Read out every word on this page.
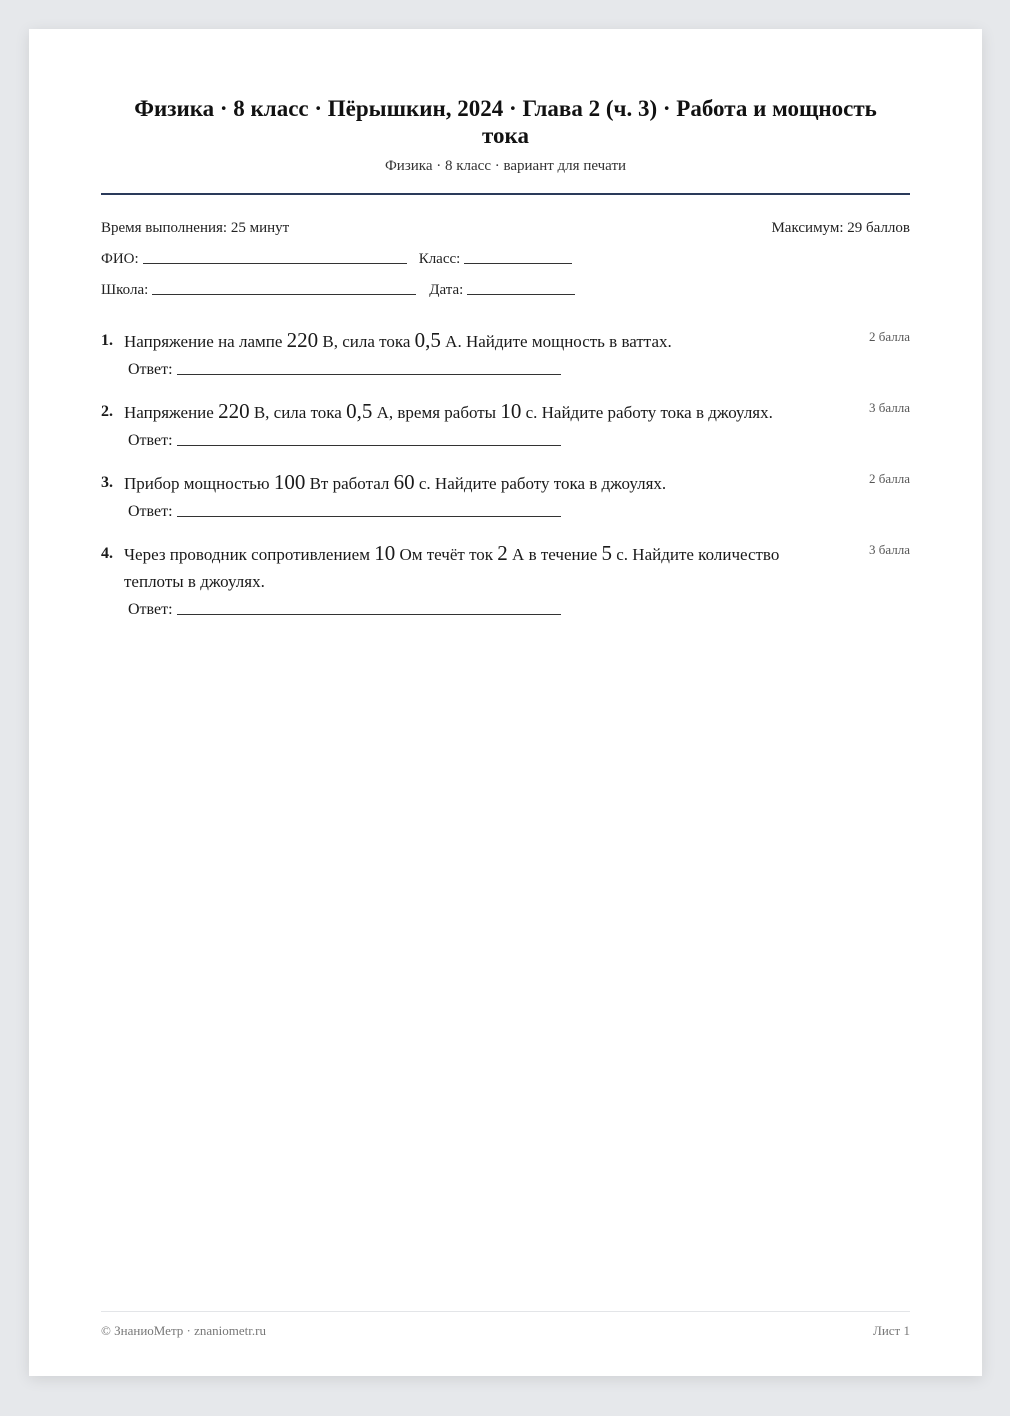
Физика · 8 класс · Пёрышкин, 2024 · Глава 2 (ч. 3) · Работа и мощность тока
Физика · 8 класс · вариант для печати
Время выполнения: 25 минут	Максимум: 29 баллов
ФИО:	Класс:
Школа:	Дата:
1. Напряжение на лампе 220 В, сила тока 0,5 А. Найдите мощность в ваттах.	2 балла
Ответ:
2. Напряжение 220 В, сила тока 0,5 А, время работы 10 с. Найдите работу тока в джоулях.	3 балла
Ответ:
3. Прибор мощностью 100 Вт работал 60 с. Найдите работу тока в джоулях.	2 балла
Ответ:
4. Через проводник сопротивлением 10 Ом течёт ток 2 А в течение 5 с. Найдите количество теплоты в джоулях.
3 балла
Ответ:
© ЗнаниоМетр · znaniometr.ru	Лист 1
